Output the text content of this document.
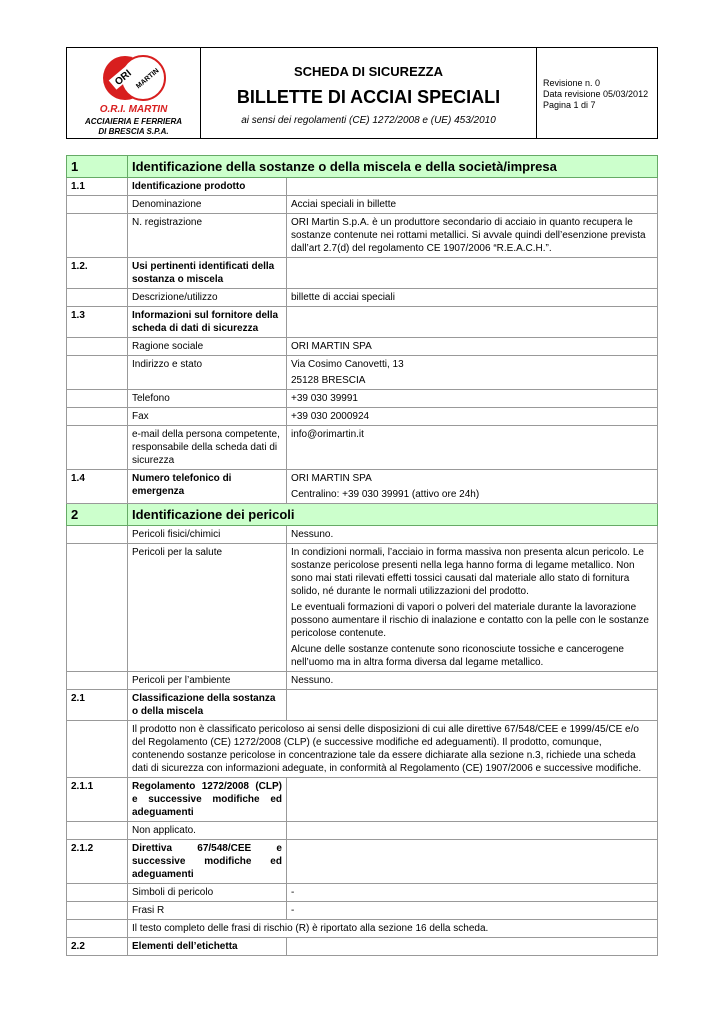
ORI MARTIN
O.R.I. MARTIN
ACCIAIERIA E FERRIERA
DI BRESCIA S.P.A.
SCHEDA DI SICUREZZA
BILLETTE DI ACCIAI SPECIALI
ai sensi dei regolamenti (CE) 1272/2008 e (UE) 453/2010
Revisione n. 0
Data revisione 05/03/2012
Pagina 1 di 7
1	Identificazione della sostanze o della miscela e della società/impresa	
1.1	Identificazione prodotto	
	Denominazione	Acciai speciali in billette
	N. registrazione	ORI Martin S.p.A. è un produttore secondario di acciaio in quanto recupera le sostanze contenute nei rottami metallici. Si avvale quindi dell’esenzione prevista dall’art 2.7(d) del regolamento CE 1907/2006 “R.E.A.C.H.”.
1.2.	Usi pertinenti identificati della sostanza o miscela	
	Descrizione/utilizzo	billette di acciai speciali
1.3	Informazioni sul fornitore della scheda di dati di sicurezza	
	Ragione sociale	ORI MARTIN SPA
	Indirizzo e stato	Via Cosimo Canovetti, 13
25128 BRESCIA

	Telefono	+39 030 39991
	Fax	+39 030 2000924
	e-mail della persona competente, responsabile della scheda dati di sicurezza	info@orimartin.it
1.4	Numero telefonico di emergenza	ORI MARTIN SPA
Centralino: +39 030 39991 (attivo ore 24h)

2	Identificazione dei pericoli	
	Pericoli fisici/chimici	Nessuno.
	Pericoli per la salute	In condizioni normali, l’acciaio in forma massiva non presenta alcun pericolo. Le sostanze pericolose presenti nella lega hanno forma di legame metallico. Non sono mai stati rilevati effetti tossici causati dal materiale allo stato di fornitura solido, né durante le normali utilizzazioni del prodotto.
Le eventuali formazioni di vapori o polveri del materiale durante la lavorazione possono aumentare il rischio di inalazione e contatto con la pelle con le sostanze pericolose contenute.
Alcune delle sostanze contenute sono riconosciute tossiche e cancerogene nell’uomo ma in altra forma diversa dal legame metallico.

	Pericoli per l’ambiente	Nessuno.
2.1	Classificazione della sostanza o della miscela	
	Il prodotto non è classificato pericoloso ai sensi delle disposizioni di cui alle direttive 67/548/CEE e 1999/45/CE e/o del Regolamento (CE) 1272/2008 (CLP) (e successive modifiche ed adeguamenti). Il prodotto, comunque, contenendo sostanze pericolose in concentrazione tale da essere dichiarate alla sezione n.3, richiede una scheda dati di sicurezza con informazioni adeguate, in conformità al Regolamento (CE) 1907/2006 e successive modifiche.	
2.1.1	Regolamento 1272/2008 (CLP) e successive modifiche ed adeguamenti	
	Non applicato.	
2.1.2	Direttiva 67/548/CEE e successive modifiche ed adeguamenti	
	Simboli di pericolo	-
	Frasi R	-
	Il testo completo delle frasi di rischio (R) è riportato alla sezione 16 della scheda.	
2.2	Elementi dell’etichetta	
